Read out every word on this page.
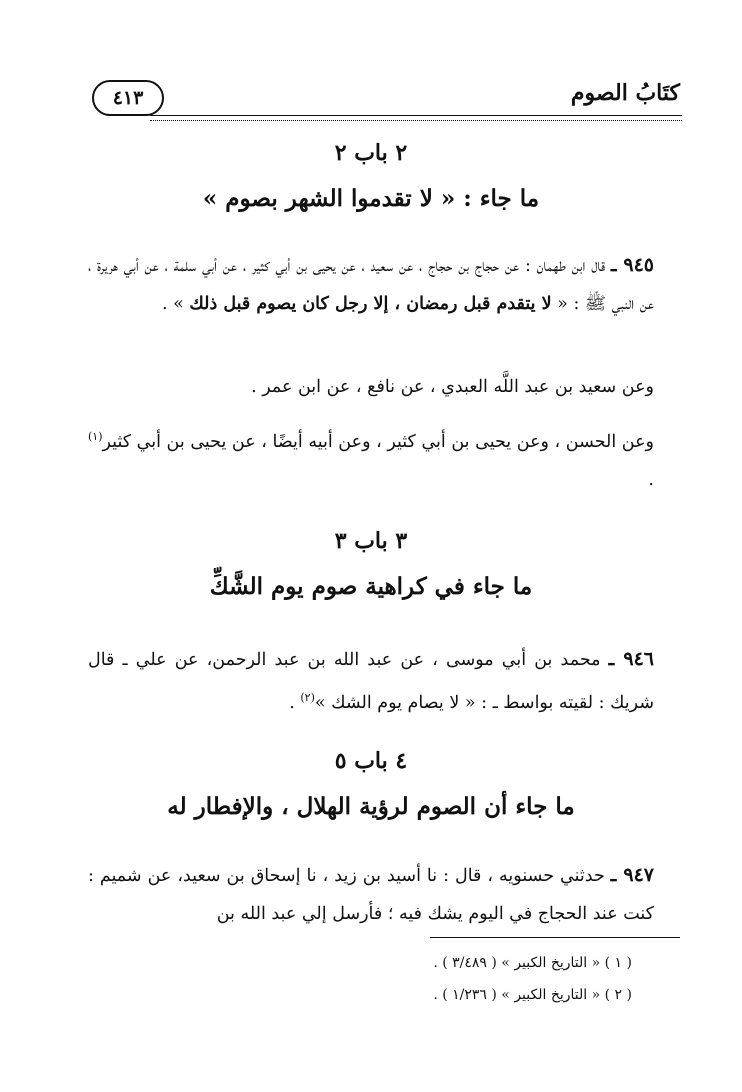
كتَابُ الصوم
٤١٣
٢ باب ٢
ما جاء : « لا تقدموا الشهر بصوم »
٩٤٥ ـ قال ابن طهمان : عن حجاج بن حجاج ، عن سعيد ، عن يحيى بن أبي كثير ، عن أبي سلمة ، عن أبي هريرة ، عن النبي ﷺ : « لا يتقدم قبل رمضان ، إلا رجل كان يصوم قبل ذلك » .
وعن سعيد بن عبد اللَّه العبدي ، عن نافع ، عن ابن عمر .
وعن الحسن ، وعن يحيى بن أبي كثير ، وعن أبيه أيضًا ، عن يحيى بن أبي كثير$^{(١)}$ .
٣ باب ٣
ما جاء في كراهية صوم يوم الشَّكِّ
٩٤٦ ـ محمد بن أبي موسى ، عن عبد الله بن عبد الرحمن، عن علي ـ قال شريك : لقيته بواسط ـ : « لا يصام يوم الشك »$^{(٢)}$ .
٤ باب ٥
ما جاء أن الصوم لرؤية الهلال ، والإفطار له
٩٤٧ ـ حدثني حسنويه ، قال : نا أسيد بن زيد ، نا إسحاق بن سعيد، عن شميم : كنت عند الحجاج في اليوم يشك فيه ؛ فأرسل إلي عبد الله بن
( ١ ) « التاريخ الكبير » ( ٣/٤٨٩ ) .
( ٢ ) « التاريخ الكبير » ( ١/٢٣٦ ) .
